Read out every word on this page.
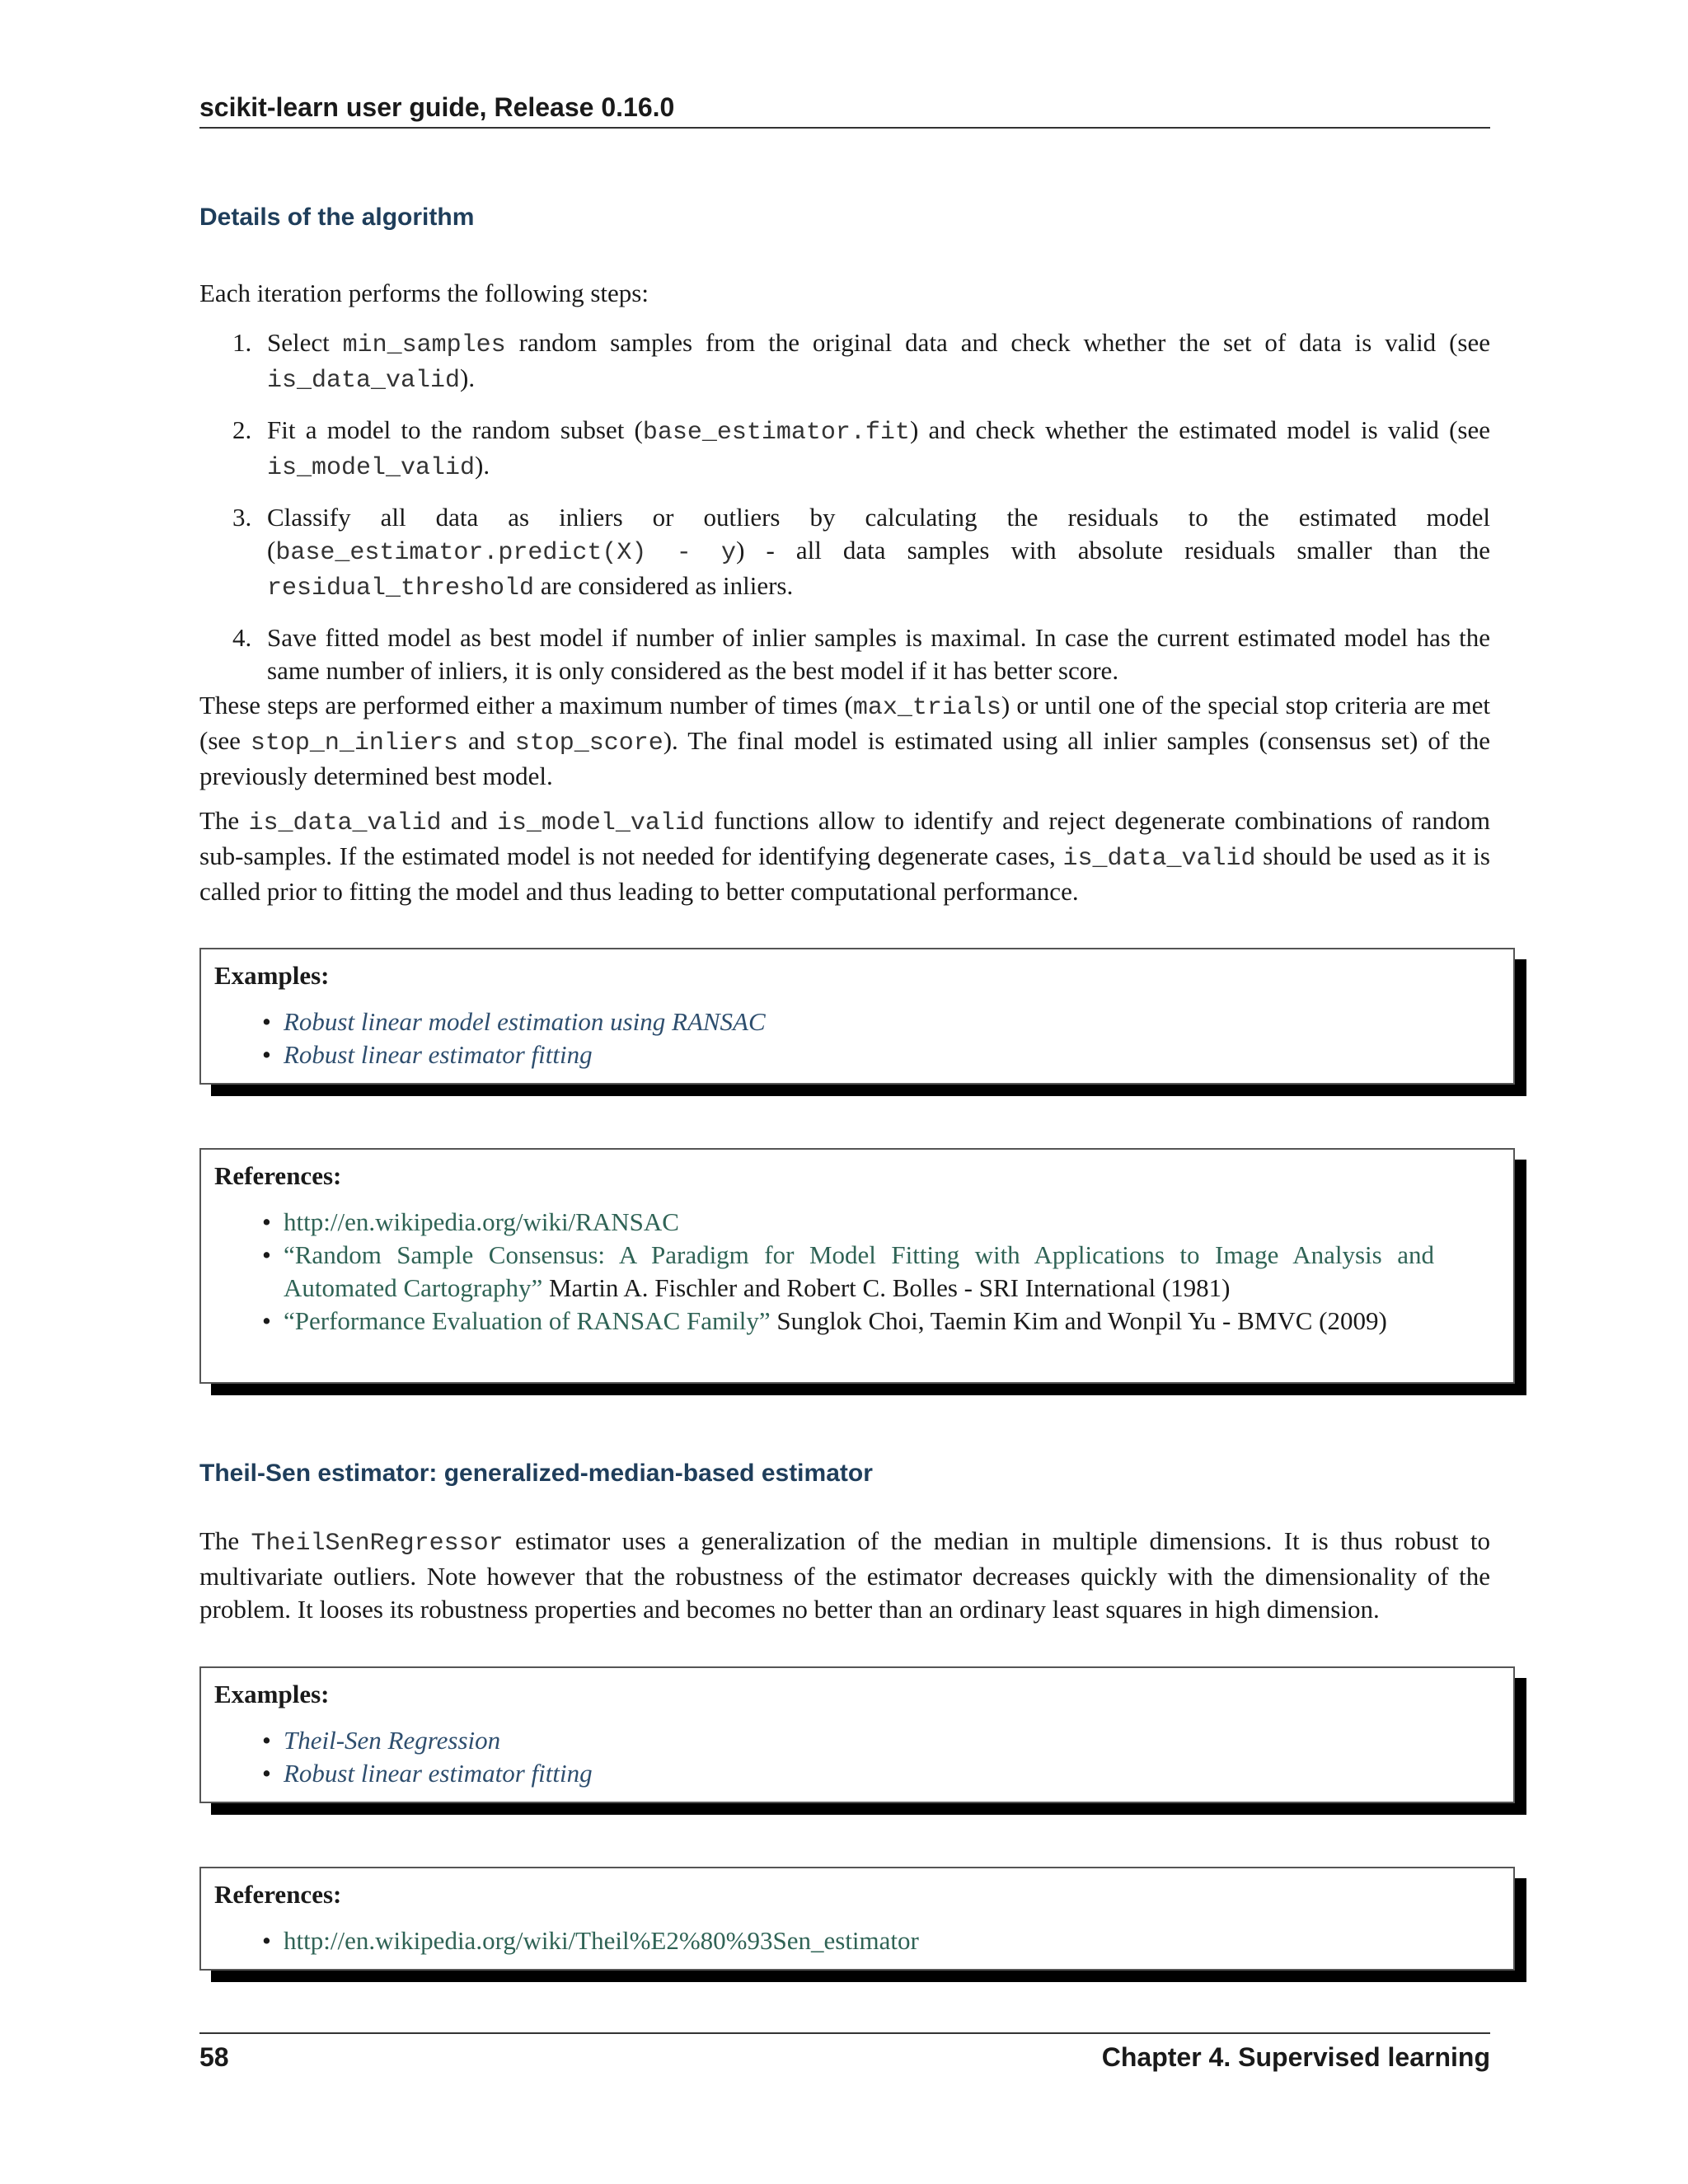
scikit-learn user guide, Release 0.16.0
Details of the algorithm

Each iteration performs the following steps:

1. Select min_samples random samples from the original data and check whether the set of data is valid (see is_data_valid).
2. Fit a model to the random subset (base_estimator.fit) and check whether the estimated model is valid (see is_model_valid).
3. Classify all data as inliers or outliers by calculating the residuals to the estimated model (base_estimator.predict(X) - y) - all data samples with absolute residuals smaller than the residual_threshold are considered as inliers.
4. Save fitted model as best model if number of inlier samples is maximal. In case the current estimated model has the same number of inliers, it is only considered as the best model if it has better score.

These steps are performed either a maximum number of times (max_trials) or until one of the special stop criteria are met (see stop_n_inliers and stop_score). The final model is estimated using all inlier samples (consensus set) of the previously determined best model.

The is_data_valid and is_model_valid functions allow to identify and reject degenerate combinations of random sub-samples. If the estimated model is not needed for identifying degenerate cases, is_data_valid should be used as it is called prior to fitting the model and thus leading to better computational performance.

Examples:
• Robust linear model estimation using RANSAC
• Robust linear estimator fitting
References:
• http://en.wikipedia.org/wiki/RANSAC
• “Random Sample Consensus: A Paradigm for Model Fitting with Applications to Image Analysis and Automated Cartography” Martin A. Fischler and Robert C. Bolles - SRI International (1981)
• “Performance Evaluation of RANSAC Family” Sunglok Choi, Taemin Kim and Wonpil Yu - BMVC (2009)
Theil-Sen estimator: generalized-median-based estimator

The TheilSenRegressor estimator uses a generalization of the median in multiple dimensions. It is thus robust to multivariate outliers. Note however that the robustness of the estimator decreases quickly with the dimensionality of the problem. It looses its robustness properties and becomes no better than an ordinary least squares in high dimension.

Examples:
• Theil-Sen Regression
• Robust linear estimator fitting
References:
• http://en.wikipedia.org/wiki/Theil%E2%80%93Sen_estimator
58	Chapter 4. Supervised learning
